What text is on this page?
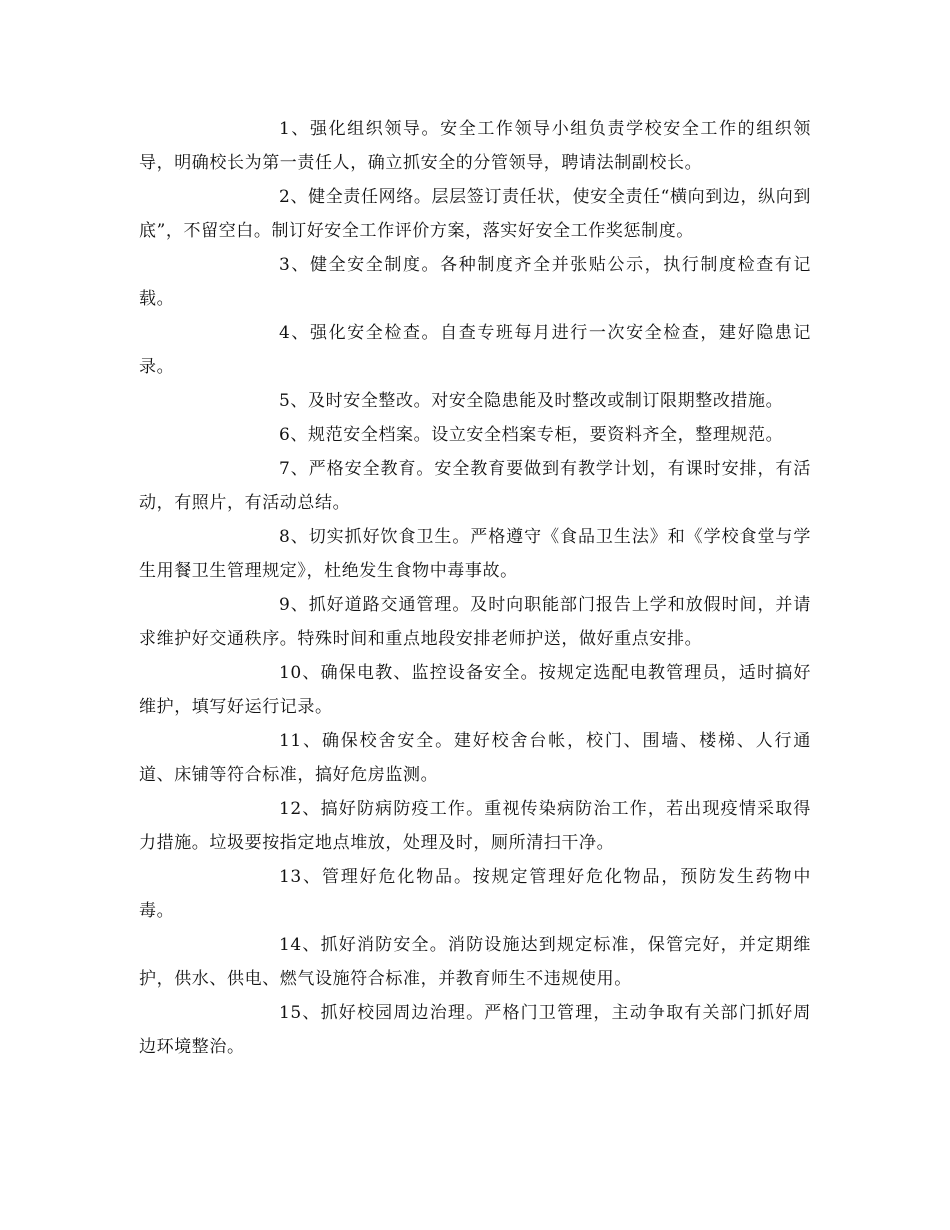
1、强化组织领导。安全工作领导小组负责学校安全工作的组织领导，明确校长为第一责任人，确立抓安全的分管领导，聘请法制副校长。

2、健全责任网络。层层签订责任状，使安全责任“横向到边，纵向到底”，不留空白。制订好安全工作评价方案，落实好安全工作奖惩制度。

3、健全安全制度。各种制度齐全并张贴公示，执行制度检查有记载。

4、强化安全检查。自查专班每月进行一次安全检查，建好隐患记录。

5、及时安全整改。对安全隐患能及时整改或制订限期整改措施。

6、规范安全档案。设立安全档案专柜，要资料齐全，整理规范。

7、严格安全教育。安全教育要做到有教学计划，有课时安排，有活动，有照片，有活动总结。

8、切实抓好饮食卫生。严格遵守《食品卫生法》和《学校食堂与学生用餐卫生管理规定》，杜绝发生食物中毒事故。

9、抓好道路交通管理。及时向职能部门报告上学和放假时间，并请求维护好交通秩序。特殊时间和重点地段安排老师护送，做好重点安排。

10、确保电教、监控设备安全。按规定选配电教管理员，适时搞好维护，填写好运行记录。

11、确保校舍安全。建好校舍台帐，校门、围墙、楼梯、人行通道、床铺等符合标准，搞好危房监测。

12、搞好防病防疫工作。重视传染病防治工作，若出现疫情采取得力措施。垃圾要按指定地点堆放，处理及时，厕所清扫干净。

13、管理好危化物品。按规定管理好危化物品，预防发生药物中毒。

14、抓好消防安全。消防设施达到规定标准，保管完好，并定期维护，供水、供电、燃气设施符合标准，并教育师生不违规使用。

15、抓好校园周边治理。严格门卫管理，主动争取有关部门抓好周边环境整治。
